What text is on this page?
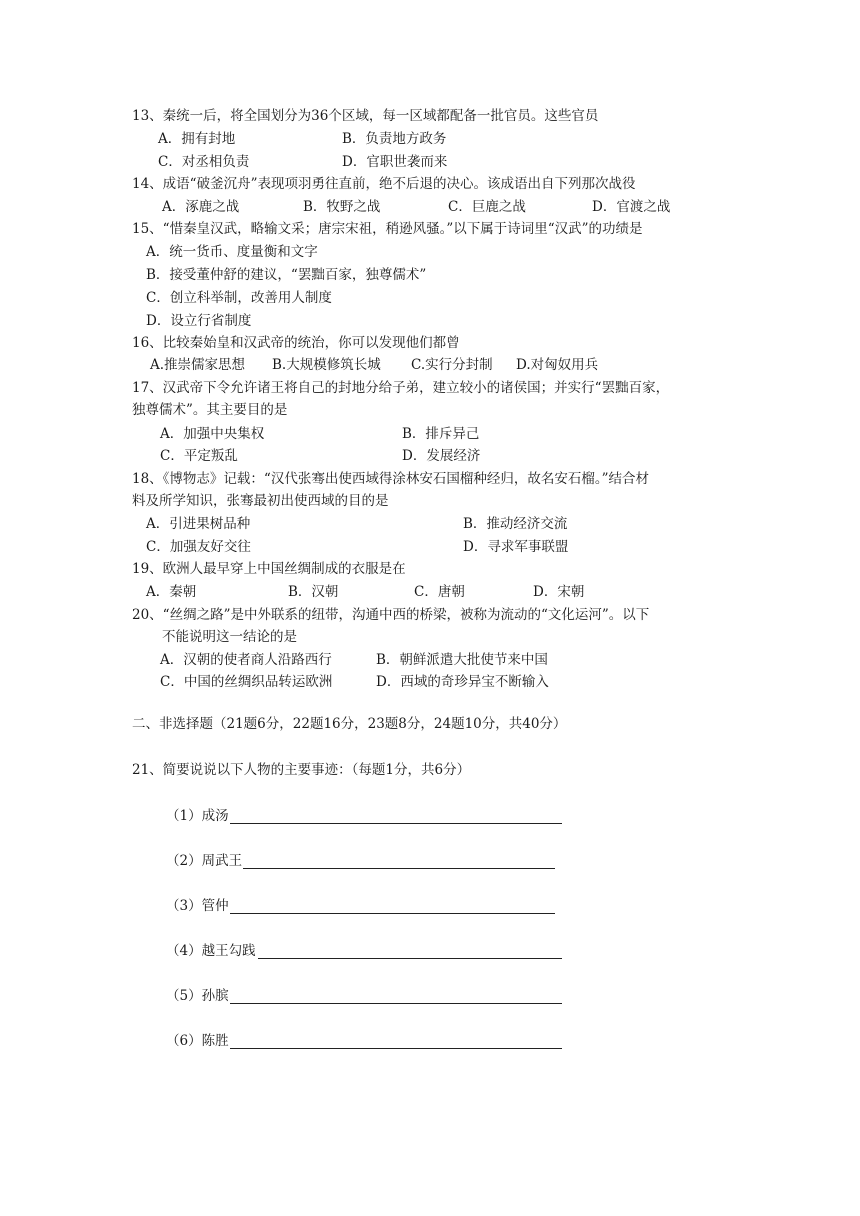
13、秦统一后，将全国划分为36个区域，每一区域都配备一批官员。这些官员
A．拥有封地	B．负责地方政务
C．对丞相负责	D．官职世袭而来
14、成语“破釜沉舟”表现项羽勇往直前，绝不后退的决心。该成语出自下列那次战役
A．涿鹿之战	B．牧野之战	C．巨鹿之战	D．官渡之战
15、“惜秦皇汉武，略输文采；唐宗宋祖，稍逊风骚。”以下属于诗词里“汉武”的功绩是
A．统一货币、度量衡和文字
B．接受董仲舒的建议，“罢黜百家，独尊儒术”
C．创立科举制，改善用人制度
D．设立行省制度
16、比较秦始皇和汉武帝的统治，你可以发现他们都曾
A.推崇儒家思想 B.大规模修筑长城 C.实行分封制 D.对匈奴用兵
17、汉武帝下令允许诸王将自己的封地分给子弟，建立较小的诸侯国；并实行“罢黜百家，
独尊儒术”。其主要目的是
A．加强中央集权	B．排斥异己
C．平定叛乱	D．发展经济
18、《博物志》记载：“汉代张骞出使西域得涂林安石国榴种经归，故名安石榴。”结合材
料及所学知识，张骞最初出使西域的目的是
A．引进果树品种	B．推动经济交流
C．加强友好交往	D．寻求军事联盟
19、欧洲人最早穿上中国丝绸制成的衣服是在
A．秦朝	B．汉朝	C．唐朝	D．宋朝
20、“丝绸之路”是中外联系的纽带，沟通中西的桥梁，被称为流动的“文化运河”。以下
不能说明这一结论的是
A．汉朝的使者商人沿路西行	B．朝鲜派遣大批使节来中国
C．中国的丝绸织品转运欧洲	D．西域的奇珍异宝不断输入
二、非选择题（21题6分，22题16分，23题8分，24题10分，共40分）
21、简要说说以下人物的主要事迹：（每题1分，共6分）
（1）成汤
（2）周武王
（3）管仲
（4）越王勾践
（5）孙膑
（6）陈胜
